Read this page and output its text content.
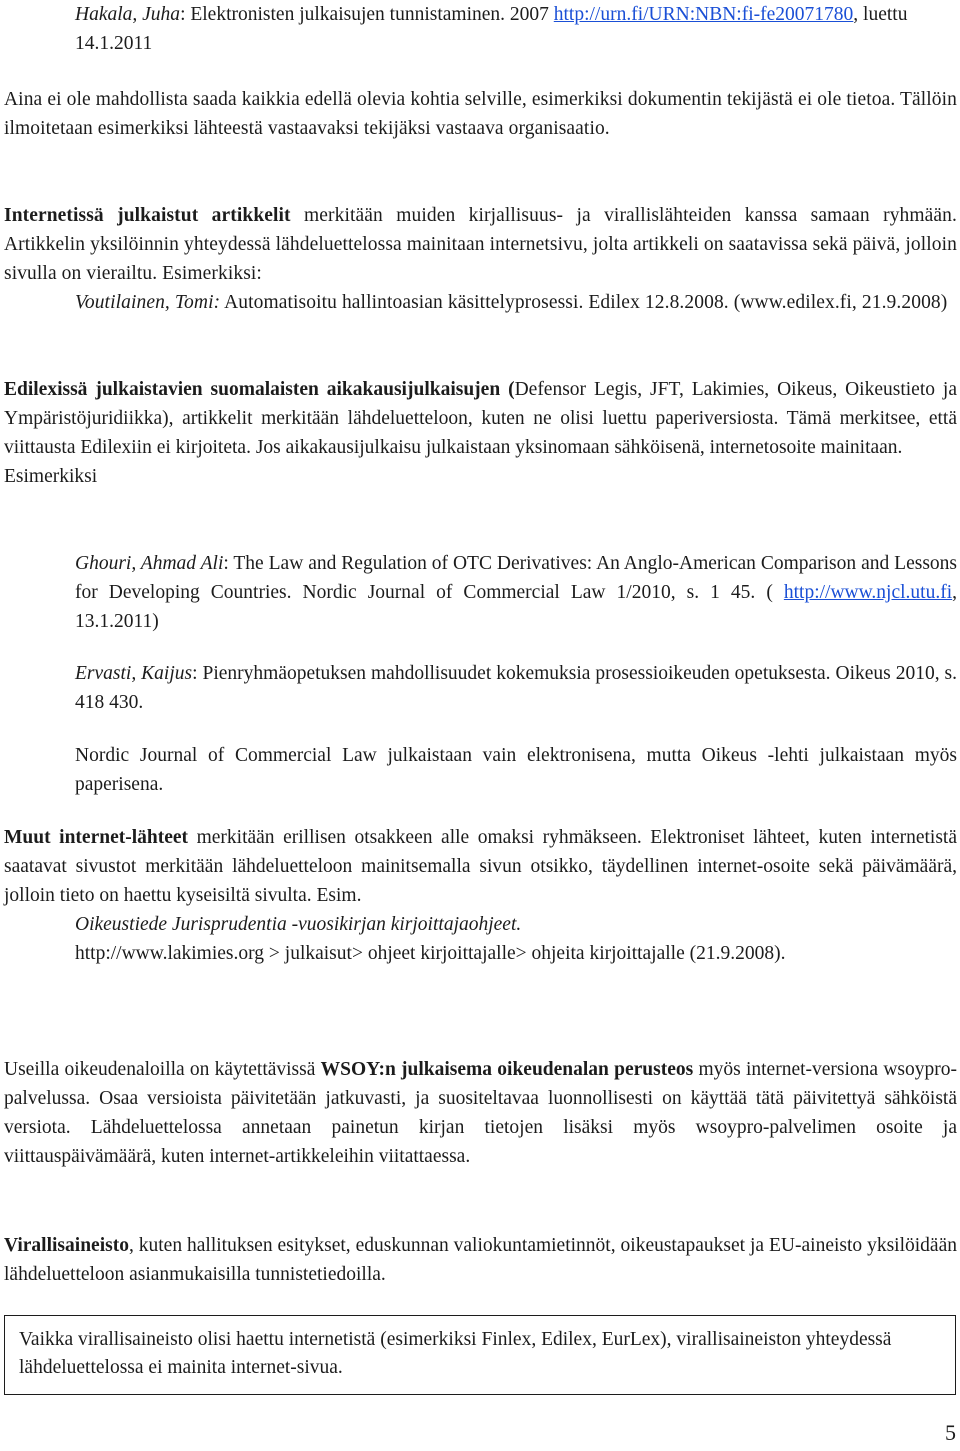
Hakala, Juha: Elektronisten julkaisujen tunnistaminen. 2007 http://urn.fi/URN:NBN:fi-fe20071780, luettu 14.1.2011

Aina ei ole mahdollista saada kaikkia edellä olevia kohtia selville, esimerkiksi dokumentin tekijästä ei ole tietoa. Tällöin ilmoitetaan esimerkiksi lähteestä vastaavaksi tekijäksi vastaava organisaatio.

Internetissä julkaistut artikkelit merkitään muiden kirjallisuus- ja virallislähteiden kanssa samaan ryhmään. Artikkelin yksilöinnin yhteydessä lähdeluettelossa mainitaan internetsivu, jolta artikkeli on saatavissa sekä päivä, jolloin sivulla on vierailtu. Esimerkiksi:
Voutilainen, Tomi: Automatisoitu hallintoasian käsittelyprosessi. Edilex 12.8.2008. (www.edilex.fi, 21.9.2008)

Edilexissä julkaistavien suomalaisten aikakausijulkaisujen (Defensor Legis, JFT, Lakimies, Oikeus, Oikeustieto ja Ympäristöjuridiikka), artikkelit merkitään lähdeluetteloon, kuten ne olisi luettu paperiversiosta. Tämä merkitsee, että viittausta Edilexiin ei kirjoiteta. Jos aikakausijulkaisu julkaistaan yksinomaan sähköisenä, internetosoite mainitaan.
Esimerkiksi

Ghouri, Ahmad Ali: The Law and Regulation of OTC Derivatives: An Anglo-American Comparison and Lessons for Developing Countries. Nordic Journal of Commercial Law 1/2010, s. 1 45. ( http://www.njcl.utu.fi, 13.1.2011)

Ervasti, Kaijus: Pienryhmäopetuksen mahdollisuudet kokemuksia prosessioikeuden opetuksesta. Oikeus 2010, s. 418 430.

Nordic Journal of Commercial Law julkaistaan vain elektronisena, mutta Oikeus -lehti julkaistaan myös paperisena.

Muut internet-lähteet merkitään erillisen otsakkeen alle omaksi ryhmäkseen. Elektroniset lähteet, kuten internetistä saatavat sivustot merkitään lähdeluetteloon mainitsemalla sivun otsikko, täydellinen internet-osoite sekä päivämäärä, jolloin tieto on haettu kyseisiltä sivulta. Esim.
Oikeustiede Jurisprudentia -vuosikirjan kirjoittajaohjeet.
http://www.lakimies.org > julkaisut> ohjeet kirjoittajalle> ohjeita kirjoittajalle (21.9.2008).

Useilla oikeudenaloilla on käytettävissä WSOY:n julkaisema oikeudenalan perusteos myös internet-versiona wsoypro-palvelussa. Osaa versioista päivitetään jatkuvasti, ja suositeltavaa luonnollisesti on käyttää tätä päivitettyä sähköistä versiota. Lähdeluettelossa annetaan painetun kirjan tietojen lisäksi myös wsoypro-palvelimen osoite ja viittauspäivämäärä, kuten internet-artikkeleihin viitattaessa.

Virallisaineisto, kuten hallituksen esitykset, eduskunnan valiokuntamietinnöt, oikeustapaukset ja EU-aineisto yksilöidään lähdeluetteloon asianmukaisilla tunnistetiedoilla.

Vaikka virallisaineisto olisi haettu internetistä (esimerkiksi Finlex, Edilex, EurLex), virallisaineiston yhteydessä lähdeluettelossa ei mainita internet-sivua.
5
